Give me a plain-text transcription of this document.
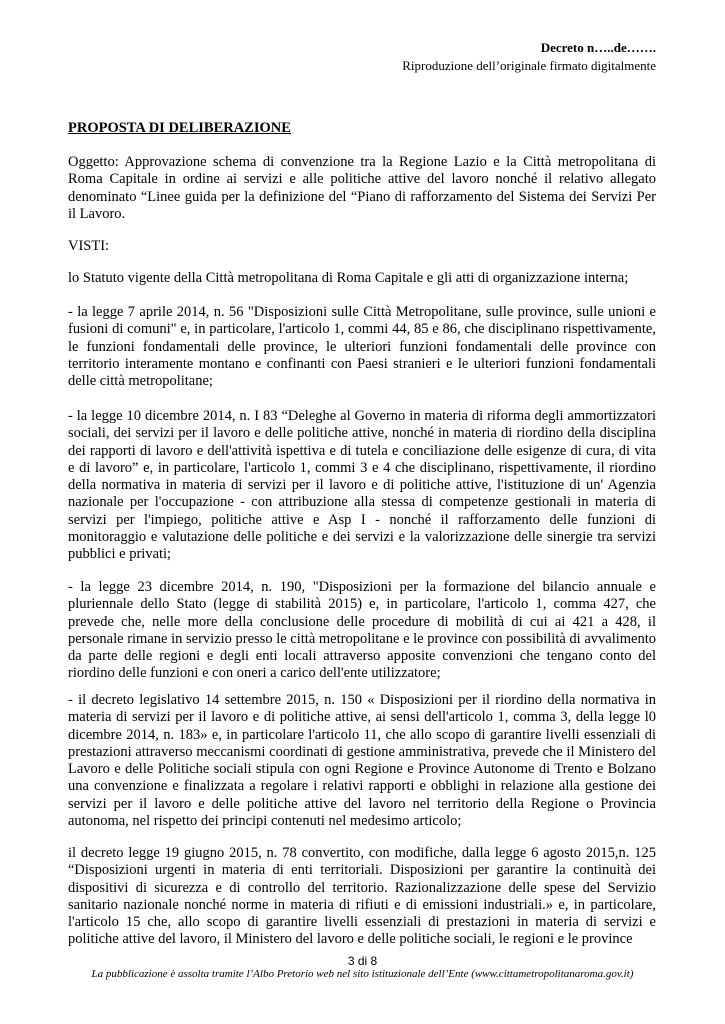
Decreto n…..de…….
Riproduzione dell’originale firmato digitalmente
PROPOSTA DI DELIBERAZIONE

Oggetto: Approvazione schema di convenzione tra la Regione Lazio e la Città metropolitana di Roma Capitale in ordine ai servizi e alle politiche attive del lavoro nonché il relativo allegato denominato “Linee guida per la definizione del “Piano di rafforzamento del Sistema dei Servizi Per il Lavoro.

VISTI:

lo Statuto vigente della Città metropolitana di Roma Capitale e gli atti di organizzazione interna;

- la legge 7 aprile 2014, n. 56 "Disposizioni sulle Città Metropolitane, sulle province, sulle unioni e fusioni di comuni" e, in particolare, l'articolo 1, commi 44, 85 e 86, che disciplinano rispettivamente, le funzioni fondamentali delle province, le ulteriori funzioni fondamentali delle province con territorio interamente montano e confinanti con Paesi stranieri e le ulteriori funzioni fondamentali delle città metropolitane;

- la legge 10 dicembre 2014, n. I 83 “Deleghe al Governo in materia di riforma degli ammortizzatori sociali, dei servizi per il lavoro e delle politiche attive, nonché in materia di riordino della disciplina dei rapporti di lavoro e dell'attività ispettiva e di tutela e conciliazione delle esigenze di cura, di vita e di lavoro” e, in particolare, l'articolo 1, commi 3 e 4 che disciplinano, rispettivamente, il riordino della normativa in materia di servizi per il lavoro e di politiche attive, l'istituzione di un' Agenzia nazionale per l'occupazione - con attribuzione alla stessa di competenze gestionali in materia di servizi per l'impiego, politiche attive e Asp I - nonché il rafforzamento delle funzioni di monitoraggio e valutazione delle politiche e dei servizi e la valorizzazione delle sinergie tra servizi pubblici e privati;

- la legge 23 dicembre 2014, n. 190, "Disposizioni per la formazione del bilancio annuale e pluriennale dello Stato (legge di stabilità 2015) e, in particolare, l'articolo 1, comma 427, che prevede che, nelle more della conclusione delle procedure di mobilità di cui ai 421 a 428, il personale rimane in servizio presso le città metropolitane e le province con possibilità di avvalimento da parte delle regioni e degli enti locali attraverso apposite convenzioni che tengano conto del riordino delle funzioni e con oneri a carico dell'ente utilizzatore;

- il decreto legislativo 14 settembre 2015, n. 150 « Disposizioni per il riordino della normativa in materia di servizi per il lavoro e di politiche attive, ai sensi dell'articolo 1, comma 3, della legge l0 dicembre 2014, n. 183» e, in particolare l'articolo 11, che allo scopo di garantire livelli essenziali di prestazioni attraverso meccanismi coordinati di gestione amministrativa, prevede che il Ministero del Lavoro e delle Politiche sociali stipula con ogni Regione e Province Autonome di Trento e Bolzano una convenzione e finalizzata a regolare i relativi rapporti e obblighi in relazione alla gestione dei servizi per il lavoro e delle politiche attive del lavoro nel territorio della Regione o Provincia autonoma, nel rispetto dei principi contenuti nel medesimo articolo;

il decreto legge 19 giugno 2015, n. 78 convertito, con modifiche, dalla legge 6 agosto 2015,n. 125 “Disposizioni urgenti in materia di enti territoriali. Disposizioni per garantire la continuità dei dispositivi di sicurezza e di controllo del territorio. Razionalizzazione delle spese del Servizio sanitario nazionale nonché norme in materia di rifiuti e di emissioni industriali.» e, in particolare, l'articolo 15 che, allo scopo di garantire livelli essenziali di prestazioni in materia di servizi e politiche attive del lavoro, il Ministero del lavoro e delle politiche sociali, le regioni e le province

3 di 8
La pubblicazione è assolta tramite l’Albo Pretorio web nel sito istituzionale dell’Ente (www.cittametropolitanaroma.gov.it)
